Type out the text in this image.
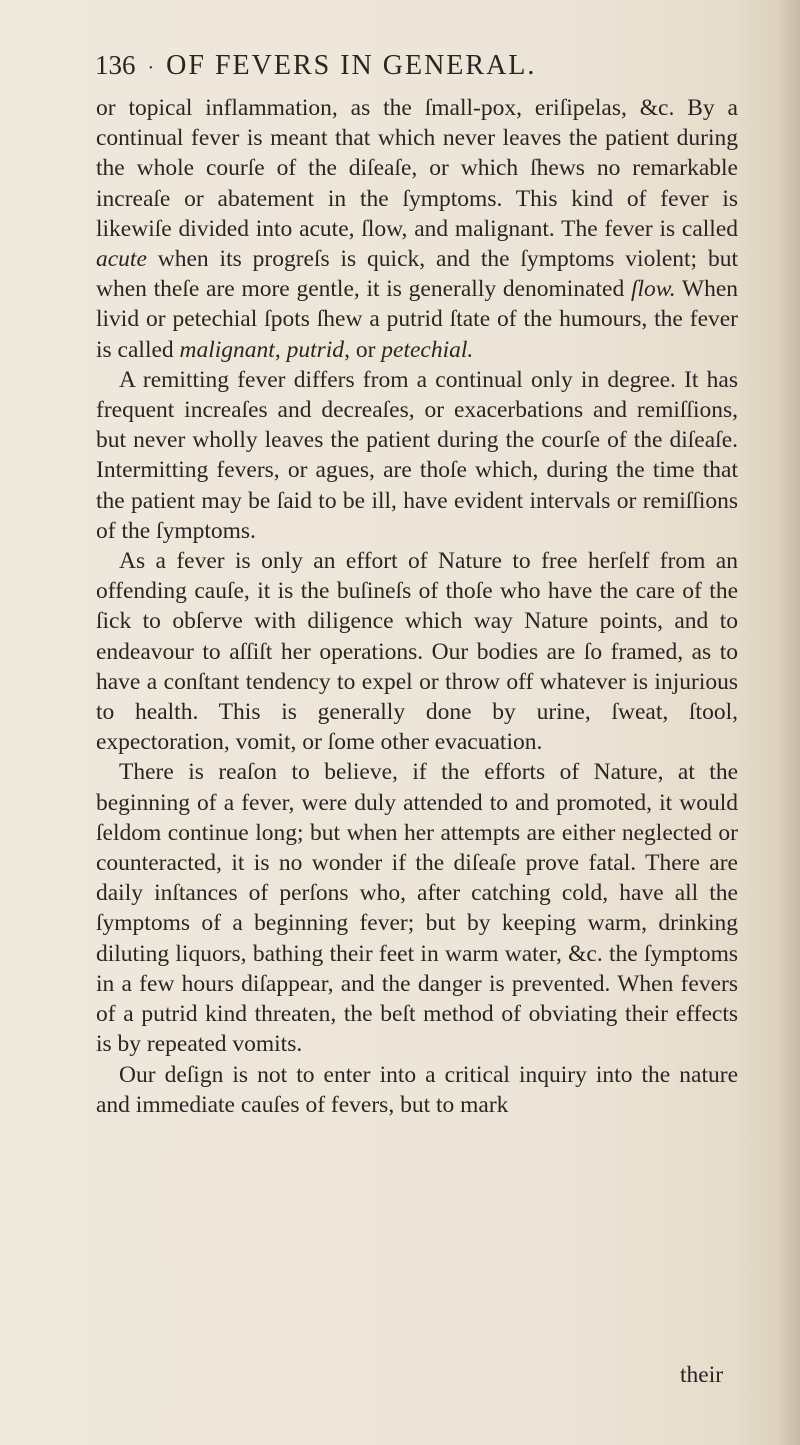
136 · OF FEVERS IN GENERAL.

or topical inflammation, as the ſmall-pox, eriſipelas, &c. By a continual fever is meant that which never leaves the patient during the whole courſe of the diſeaſe, or which ſhews no remarkable increaſe or abatement in the ſymptoms. This kind of fever is likewiſe divided into acute, ſlow, and malignant. The fever is called acute when its progreſs is quick, and the ſymptoms violent; but when theſe are more gentle, it is generally denominated ſlow. When livid or petechial ſpots ſhew a putrid ſtate of the humours, the fever is called malignant, putrid, or petechial.

A remitting fever differs from a continual only in degree. It has frequent increaſes and decreaſes, or exacerbations and remiſſions, but never wholly leaves the patient during the courſe of the diſeaſe. Intermitting fevers, or agues, are thoſe which, during the time that the patient may be ſaid to be ill, have evident intervals or remiſſions of the ſymptoms.

As a fever is only an effort of Nature to free herſelf from an offending cauſe, it is the buſineſs of thoſe who have the care of the ſick to obſerve with diligence which way Nature points, and to endeavour to aſſiſt her operations. Our bodies are ſo framed, as to have a conſtant tendency to expel or throw off whatever is injurious to health. This is generally done by urine, ſweat, ſtool, expectoration, vomit, or ſome other evacuation.

There is reaſon to believe, if the efforts of Nature, at the beginning of a fever, were duly attended to and promoted, it would ſeldom continue long; but when her attempts are either neglected or counteracted, it is no wonder if the diſeaſe prove fatal. There are daily inſtances of perſons who, after catching cold, have all the ſymptoms of a beginning fever; but by keeping warm, drinking diluting liquors, bathing their feet in warm water, &c. the ſymptoms in a few hours diſappear, and the danger is prevented. When fevers of a putrid kind threaten, the beſt method of obviating their effects is by repeated vomits.

Our deſign is not to enter into a critical inquiry into the nature and immediate cauſes of fevers, but to mark

their
